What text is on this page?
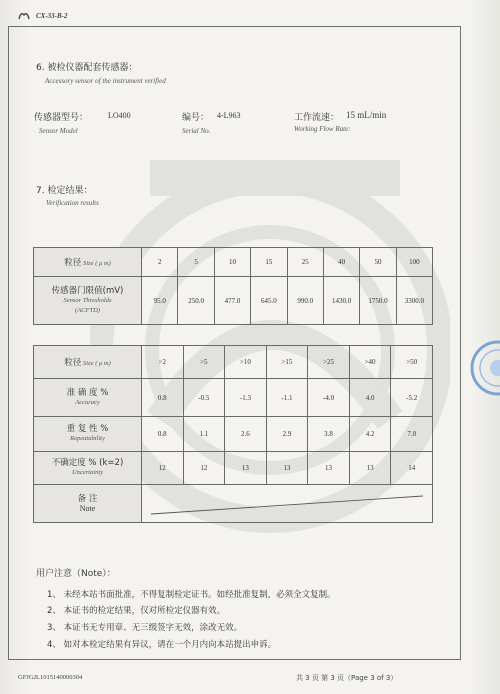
CX-33-B-2
6. 被检仪器配套传感器：
Accessory sensor of the instrument verified
传感器型号： LO400
Sensor Model
编号： 4-L963
Serial No.
工作流速： 15 mL/min
Working Flow Rate:
7. 检定结果：
Verification results
粒径 Size ( μ m)	2	5	10	15	25	40	50	100

传感器门限值(mV)
Sensor Thresholds
(ACFTD)	95.0	250.0	477.0	645.0	990.0	1430.0	1750.0	3300.0
粒径 Size ( μ m)	>2	>5	>10	>15	>25	>40	>50

准 确 度 %
Accuracy	0.8	-0.5	-1.3	-1.1	-4.0	4.0	-5.2

重 复 性 %
Repeatability	0.8	1.1	2.6	2.9	3.8	4.2	7.0

不确定度 % (k=2)
Uncertainty	12	12	13	13	13	13	14

备 注
Note

用户注意（Note）：
1、 未经本站书面批准，不得复制检定证书。如经批准复制，必须全文复制。
2、 本证书的检定结果，仅对所检定仪器有效。
3、 本证书无专用章、无三级签字无效，涂改无效。
4、 如对本检定结果有异议，请在一个月内向本站提出申诉。
GFJGJL1015140000304	共 3 页 第 3 页（Page 3 of 3）
